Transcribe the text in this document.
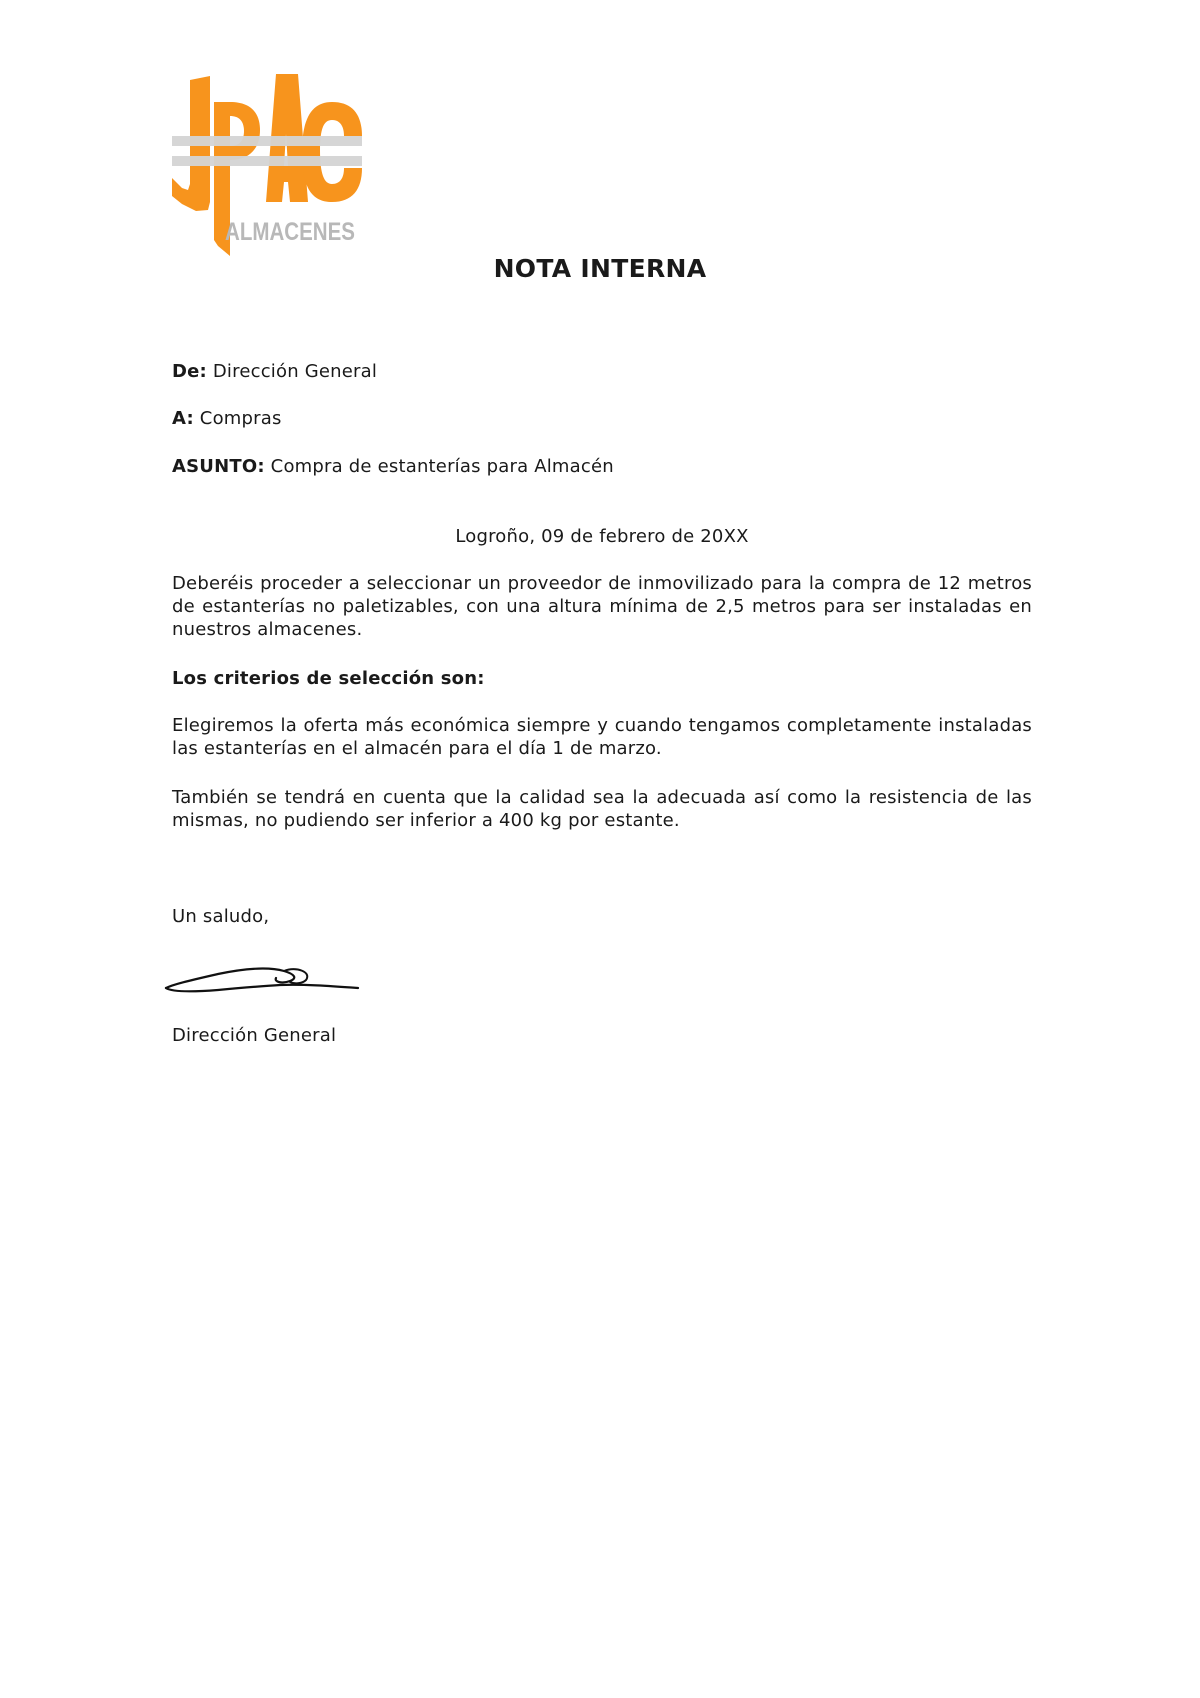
ALMACENES
NOTA INTERNA
De: Dirección General
A: Compras
ASUNTO: Compra de estanterías para Almacén
Logroño, 09 de febrero de 20XX
Deberéis proceder a seleccionar un proveedor de inmovilizado para la compra de 12 metros de estanterías no paletizables, con una altura mínima de 2,5 metros para ser instaladas en nuestros almacenes.
Los criterios de selección son:
Elegiremos la oferta más económica siempre y cuando tengamos completamente instaladas las estanterías en el almacén para el día 1 de marzo.
También se tendrá en cuenta que la calidad sea la adecuada así como la resistencia de las mismas, no pudiendo ser inferior a 400 kg por estante.
Un saludo,
Dirección General
